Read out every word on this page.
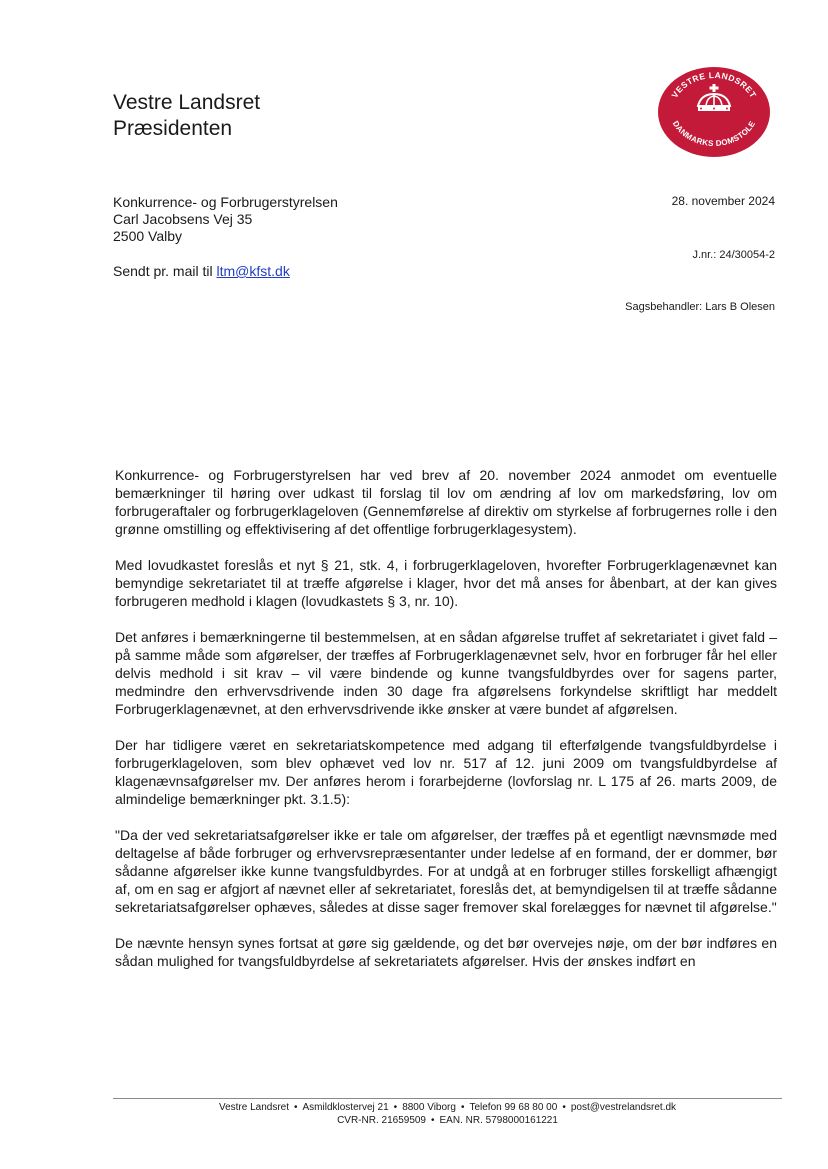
Vestre Landsret
Præsidenten
VESTRE LANDSRET
DANMARKS DOMSTOLE
Konkurrence- og Forbrugerstyrelsen
Carl Jacobsens Vej 35
2500 Valby
Sendt pr. mail til ltm@kfst.dk
28. november 2024
J.nr.: 24/30054-2
Sagsbehandler: Lars B Olesen

Konkurrence- og Forbrugerstyrelsen har ved brev af 20. november 2024 anmodet om eventuelle bemærkninger til høring over udkast til forslag til lov om ændring af lov om markedsføring, lov om forbrugeraftaler og forbrugerklageloven (Gennemførelse af direktiv om styrkelse af forbrugernes rolle i den grønne omstilling og effektivisering af det offentlige forbrugerklagesystem).

Med lovudkastet foreslås et nyt § 21, stk. 4, i forbrugerklageloven, hvorefter Forbrugerklagenævnet kan bemyndige sekretariatet til at træffe afgørelse i klager, hvor det må anses for åbenbart, at der kan gives forbrugeren medhold i klagen (lovudkastets § 3, nr. 10).

Det anføres i bemærkningerne til bestemmelsen, at en sådan afgørelse truffet af sekretariatet i givet fald – på samme måde som afgørelser, der træffes af Forbrugerklagenævnet selv, hvor en forbruger får hel eller delvis medhold i sit krav – vil være bindende og kunne tvangsfuldbyrdes over for sagens parter, medmindre den erhvervsdrivende inden 30 dage fra afgørelsens forkyndelse skriftligt har meddelt Forbrugerklagenævnet, at den erhvervsdrivende ikke ønsker at være bundet af afgørelsen.

Der har tidligere været en sekretariatskompetence med adgang til efterfølgende tvangsfuldbyrdelse i forbrugerklageloven, som blev ophævet ved lov nr. 517 af 12. juni 2009 om tvangsfuldbyrdelse af klagenævnsafgørelser mv. Der anføres herom i forarbejderne (lovforslag nr. L 175 af 26. marts 2009, de almindelige bemærkninger pkt. 3.1.5):

"Da der ved sekretariatsafgørelser ikke er tale om afgørelser, der træffes på et egentligt nævnsmøde med deltagelse af både forbruger og erhvervsrepræsentanter under ledelse af en formand, der er dommer, bør sådanne afgørelser ikke kunne tvangsfuldbyrdes. For at undgå at en forbruger stilles forskelligt afhængigt af, om en sag er afgjort af nævnet eller af sekretariatet, foreslås det, at bemyndigelsen til at træffe sådanne sekretariatsafgørelser ophæves, således at disse sager fremover skal forelægges for nævnet til afgørelse."

De nævnte hensyn synes fortsat at gøre sig gældende, og det bør overvejes nøje, om der bør indføres en sådan mulighed for tvangsfuldbyrdelse af sekretariatets afgørelser. Hvis der ønskes indført en

Vestre Landsret • Asmildklostervej 21 • 8800 Viborg • Telefon 99 68 80 00 • post@vestrelandsret.dk
CVR-NR. 21659509 • EAN. NR. 5798000161221
